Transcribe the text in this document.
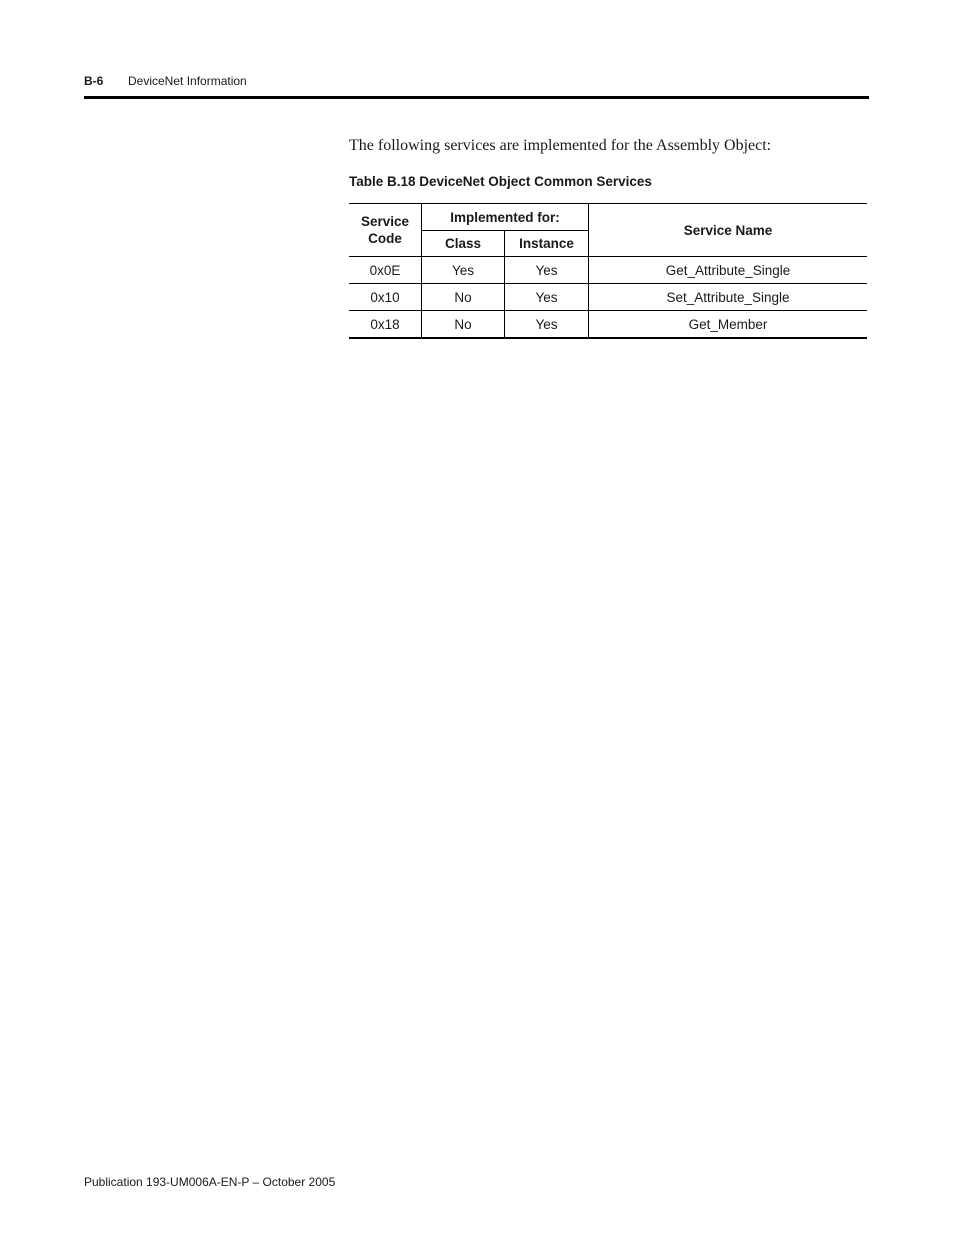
B-6 DeviceNet Information
The following services are implemented for the Assembly Object:
Table B.18 DeviceNet Object Common Services
Service Code	Implemented for:		Service Name
	Class	Instance	
0x0E	Yes	Yes	Get_Attribute_Single
0x10	No	Yes	Set_Attribute_Single
0x18	No	Yes	Get_Member
Publication 193-UM006A-EN-P – October 2005
